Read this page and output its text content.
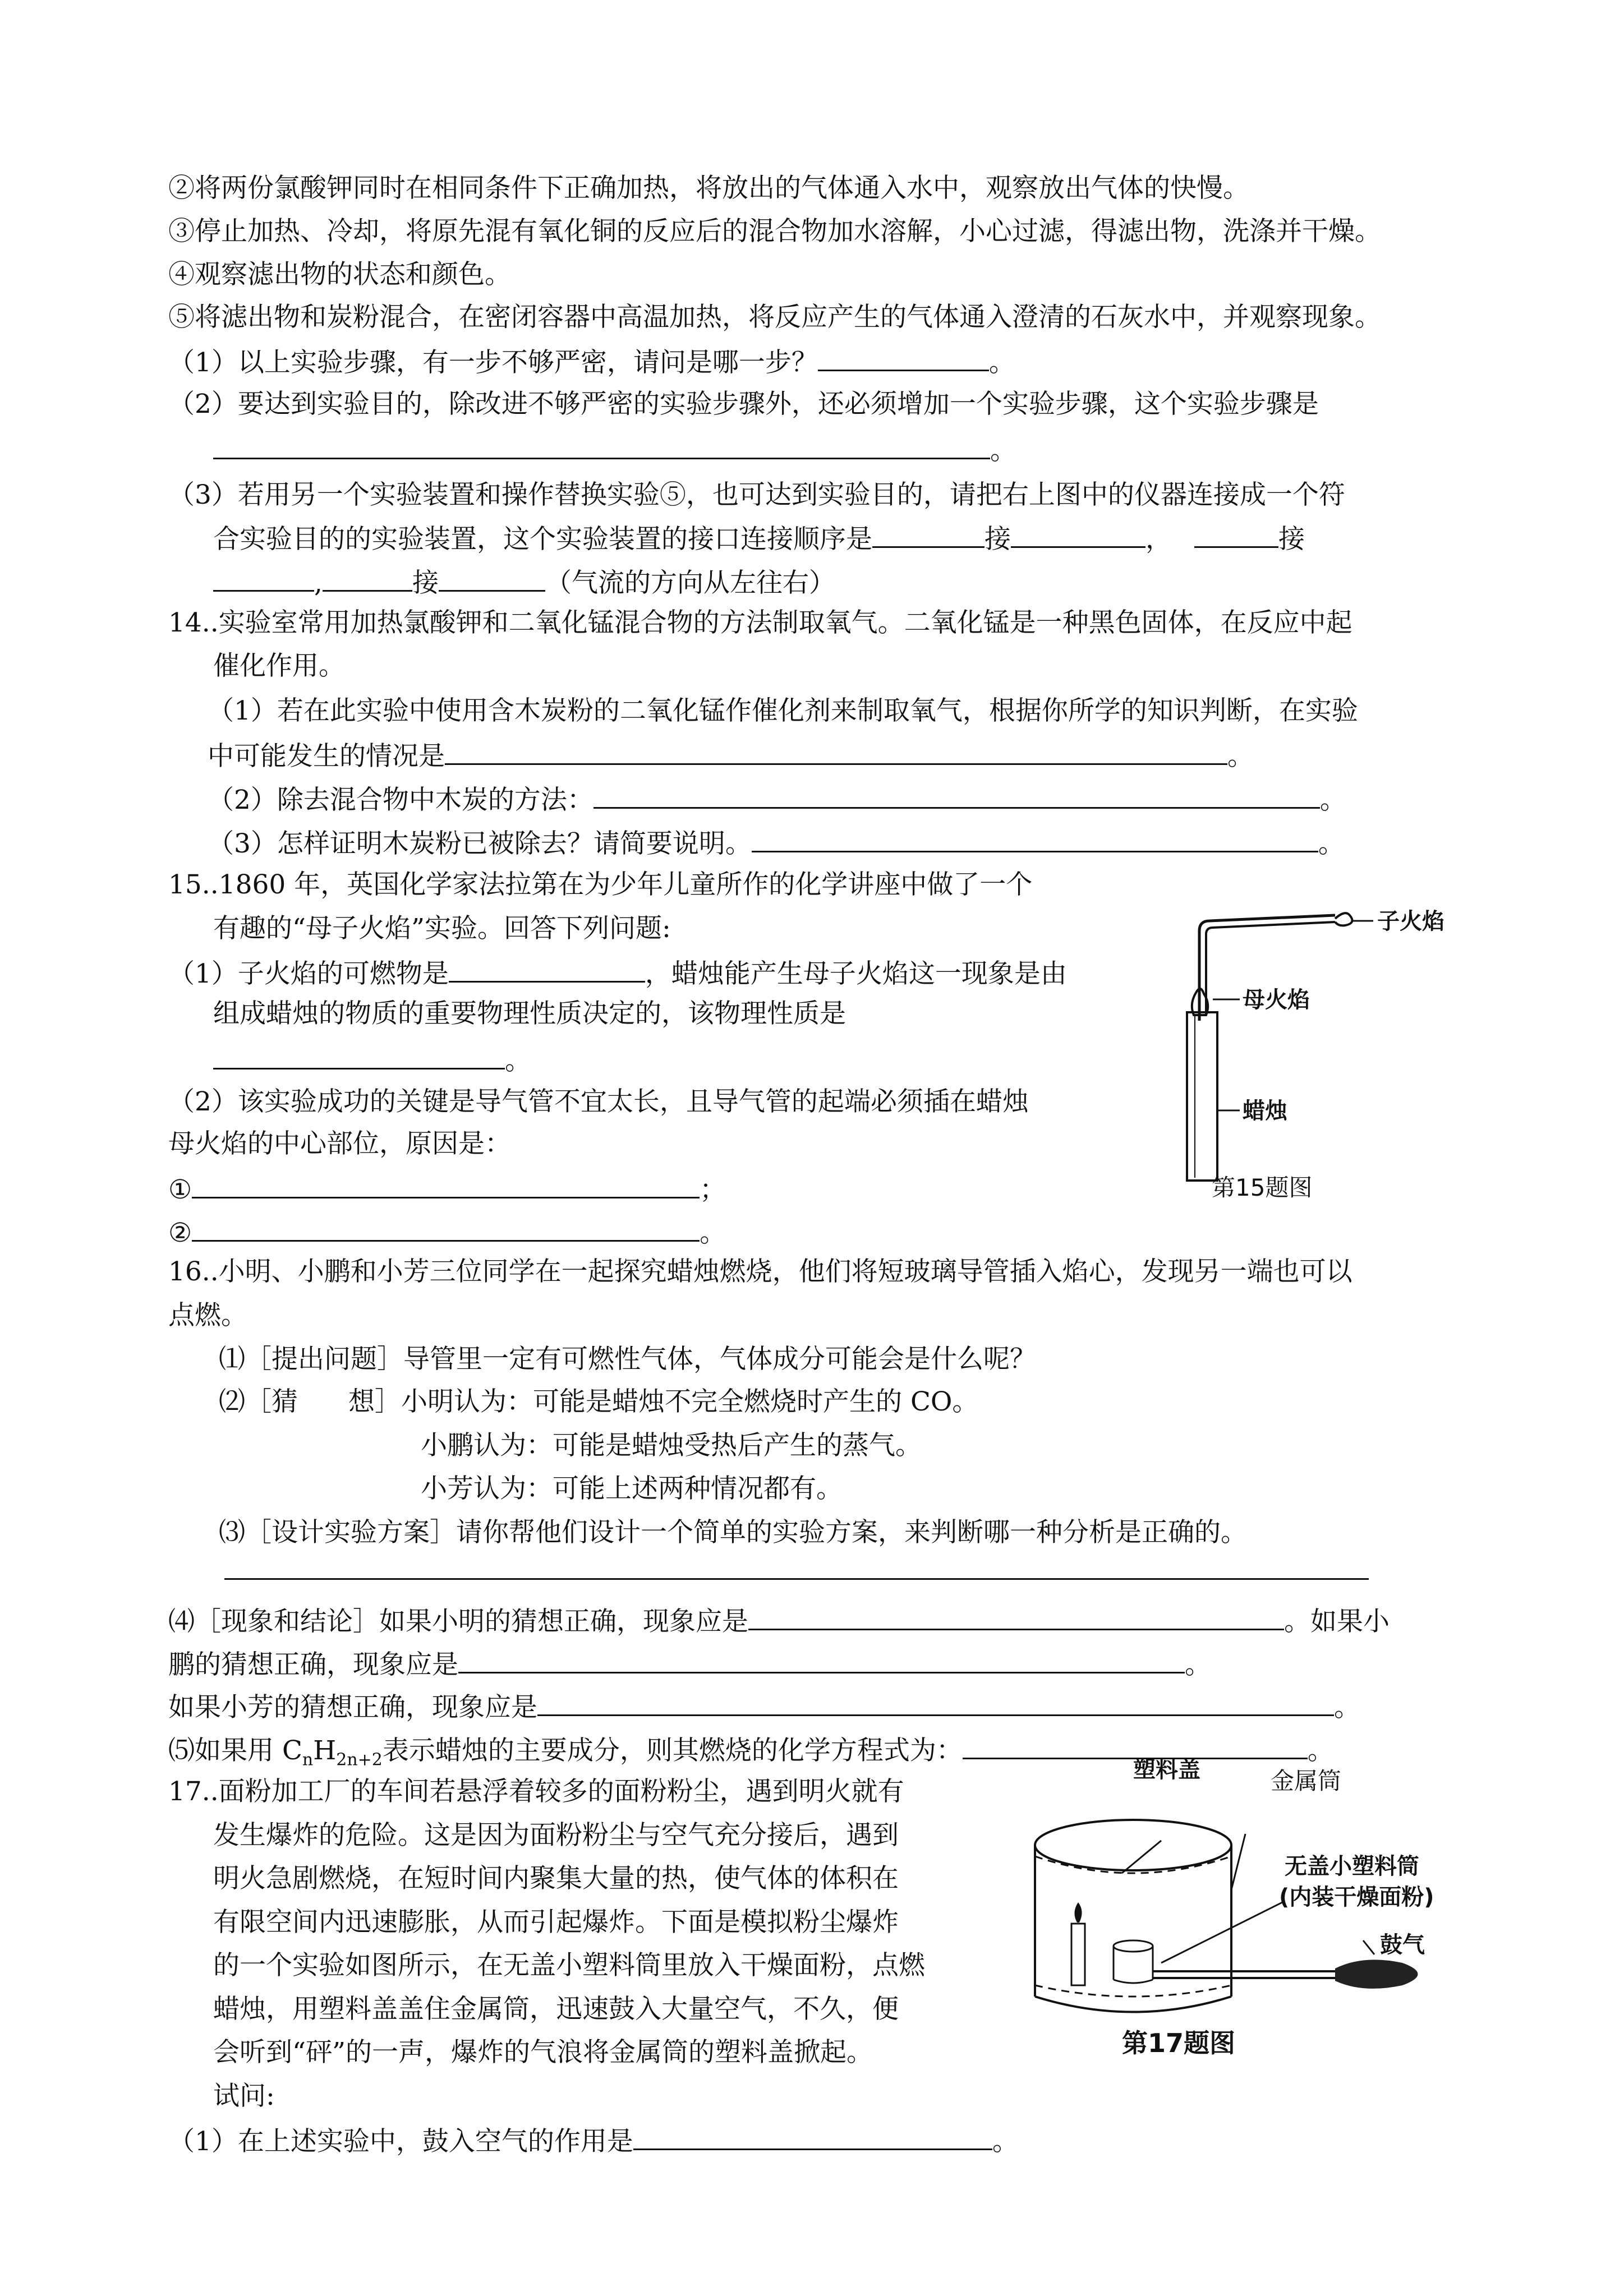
②将两份氯酸钾同时在相同条件下正确加热，将放出的气体通入水中，观察放出气体的快慢。
③停止加热、冷却，将原先混有氧化铜的反应后的混合物加水溶解，小心过滤，得滤出物，洗涤并干燥。
④观察滤出物的状态和颜色。
⑤将滤出物和炭粉混合，在密闭容器中高温加热，将反应产生的气体通入澄清的石灰水中，并观察现象。
（1）以上实验步骤，有一步不够严密，请问是哪一步？	。
（2）要达到实验目的，除改进不够严密的实验步骤外，还必须增加一个实验步骤，这个实验步骤是
。
（3）若用另一个实验装置和操作替换实验⑤，也可达到实验目的，请把右上图中的仪器连接成一个符
合实验目的的实验装置，这个实验装置的接口连接顺序是	接	，	接
,	接	（气流的方向从左往右）
14..实验室常用加热氯酸钾和二氧化锰混合物的方法制取氧气。二氧化锰是一种黑色固体，在反应中起
催化作用。
（1）若在此实验中使用含木炭粉的二氧化锰作催化剂来制取氧气，根据你所学的知识判断，在实验
中可能发生的情况是	。
（2）除去混合物中木炭的方法：	。
（3）怎样证明木炭粉已被除去？请简要说明。	。
15..1860 年，英国化学家法拉第在为少年儿童所作的化学讲座中做了一个
有趣的“母子火焰”实验。回答下列问题:
（1）子火焰的可燃物是	，蜡烛能产生母子火焰这一现象是由
组成蜡烛的物质的重要物理性质决定的，该物理性质是
。
（2）该实验成功的关键是导气管不宜太长，且导气管的起端必须插在蜡烛
母火焰的中心部位，原因是：
①	；
②	。
子火焰
母火焰
蜡烛
第15题图
16..小明、小鹏和小芳三位同学在一起探究蜡烛燃烧，他们将短玻璃导管插入焰心，发现另一端也可以
点燃。
⑴［提出问题］导管里一定有可燃性气体，气体成分可能会是什么呢？
⑵［猜 想］小明认为：可能是蜡烛不完全燃烧时产生的 CO。
小鹏认为：可能是蜡烛受热后产生的蒸气。
小芳认为：可能上述两种情况都有。
⑶［设计实验方案］请你帮他们设计一个简单的实验方案，来判断哪一种分析是正确的。
⑷［现象和结论］如果小明的猜想正确，现象应是	。如果小
鹏的猜想正确，现象应是	。
如果小芳的猜想正确，现象应是	。
⑸如果用 $C_nH_{2n+2}$表示蜡烛的主要成分，则其燃烧的化学方程式为：	。
17..面粉加工厂的车间若悬浮着较多的面粉粉尘，遇到明火就有
发生爆炸的危险。这是因为面粉粉尘与空气充分接后，遇到
明火急剧燃烧，在短时间内聚集大量的热，使气体的体积在
有限空间内迅速膨胀，从而引起爆炸。下面是模拟粉尘爆炸
的一个实验如图所示，在无盖小塑料筒里放入干燥面粉，点燃
蜡烛，用塑料盖盖住金属筒，迅速鼓入大量空气，不久，便
会听到“砰”的一声，爆炸的气浪将金属筒的塑料盖掀起。
试问:
（1）在上述实验中，鼓入空气的作用是	。
塑料盖	金属筒
无盖小塑料筒
(内装干燥面粉)
鼓气
第17题图
